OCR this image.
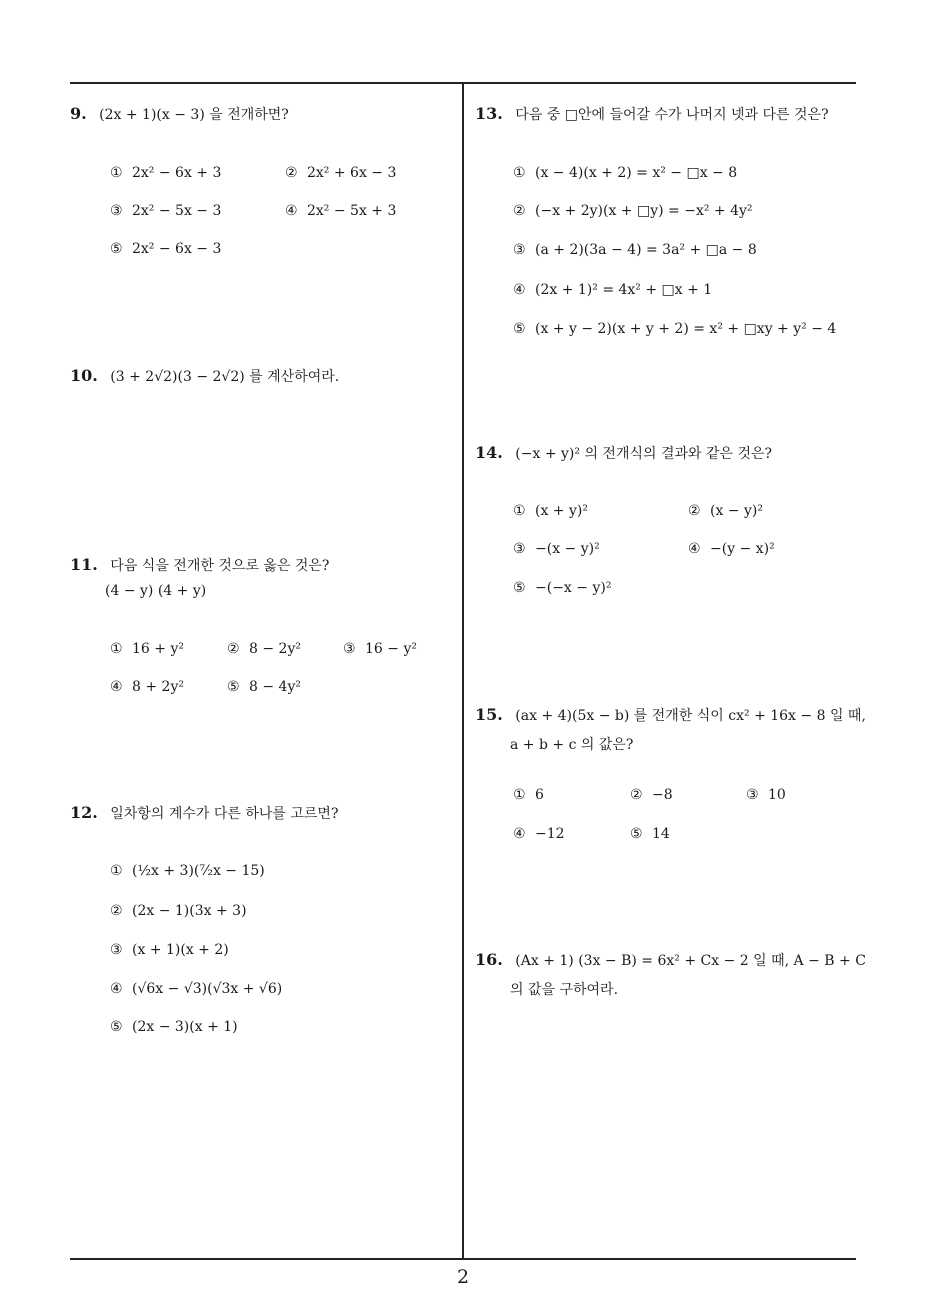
9. (2x + 1)(x − 3) 을 전개하면?
① 2x² − 6x + 3	② 2x² + 6x − 3
③ 2x² − 5x − 3	④ 2x² − 5x + 3
⑤ 2x² − 6x − 3
10. (3 + 2√2)(3 − 2√2) 를 계산하여라.
11. 다음 식을 전개한 것으로 옳은 것은?
(4 − y) (4 + y)
① 16 + y²	② 8 − 2y²	③ 16 − y²
④ 8 + 2y²	⑤ 8 − 4y²
12. 일차항의 계수가 다른 하나를 고르면?
① (½x + 3)(⁷⁄₂x − 15)
② (2x − 1)(3x + 3)
③ (x + 1)(x + 2)
④ (√6x − √3)(√3x + √6)
⑤ (2x − 3)(x + 1)
13. 다음 중 □안에 들어갈 수가 나머지 넷과 다른 것은?
① (x − 4)(x + 2) = x² − □x − 8
② (−x + 2y)(x + □y) = −x² + 4y²
③ (a + 2)(3a − 4) = 3a² + □a − 8
④ (2x + 1)² = 4x² + □x + 1
⑤ (x + y − 2)(x + y + 2) = x² + □xy + y² − 4
14. (−x + y)² 의 전개식의 결과와 같은 것은?
① (x + y)²	② (x − y)²
③ −(x − y)²	④ −(y − x)²
⑤ −(−x − y)²
15. (ax + 4)(5x − b) 를 전개한 식이 cx² + 16x − 8 일 때,
a + b + c 의 값은?
① 6	② −8	③ 10
④ −12	⑤ 14
16. (Ax + 1) (3x − B) = 6x² + Cx − 2 일 때, A − B + C
의 값을 구하여라.
2
